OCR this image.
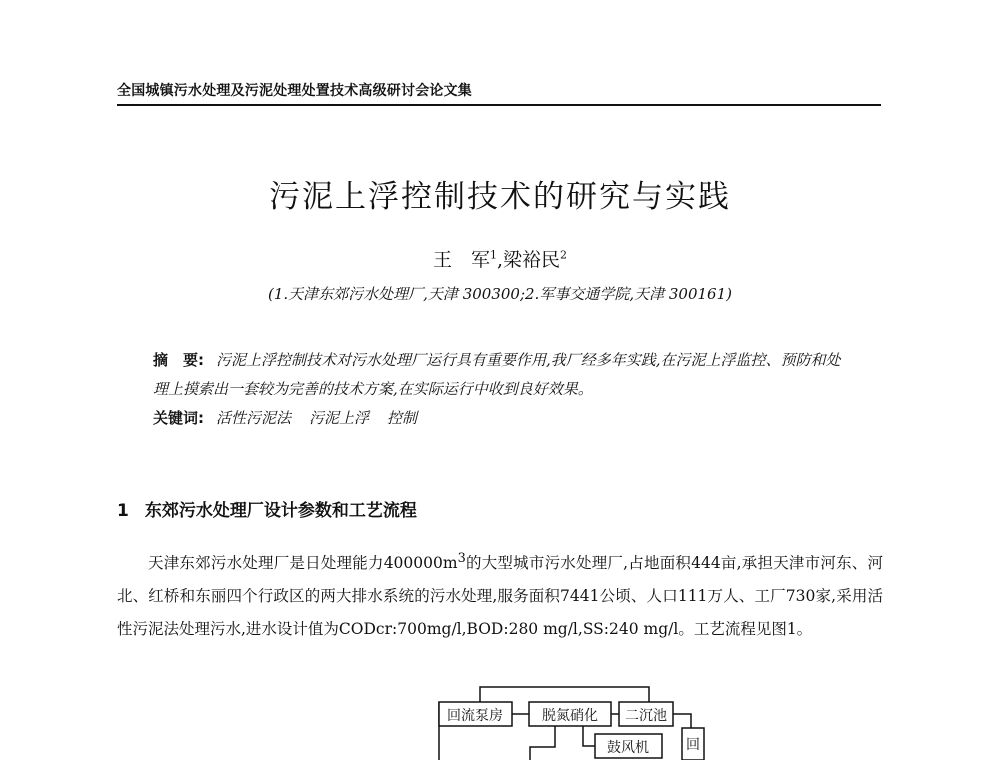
全国城镇污水处理及污泥处理处置技术高级研讨会论文集
污泥上浮控制技术的研究与实践
王　军$^1$,梁裕民$^2$
(1.天津东郊污水处理厂,天津 300300;2.军事交通学院,天津 300161)

摘　要: 污泥上浮控制技术对污水处理厂运行具有重要作用,我厂经多年实践,在污泥上浮监控、预防和处理上摸索出一套较为完善的技术方案,在实际运行中收到良好效果。

关键词: 活性污泥法 污泥上浮 控制

1 东郊污水处理厂设计参数和工艺流程

天津东郊污水处理厂是日处理能力$400000m^3$的大型城市污水处理厂,占地面积444亩,承担天津市河东、河北、红桥和东丽四个行政区的两大排水系统的污水处理,服务面积7441公顷、人口111万人、工厂730家,采用活性污泥法处理污水,进水设计值为CODcr:700mg/l,BOD:280 mg/l,SS:240 mg/l。工艺流程见图1。

回流泵房	脱氮硝化 二沉池
鼓风机	回
